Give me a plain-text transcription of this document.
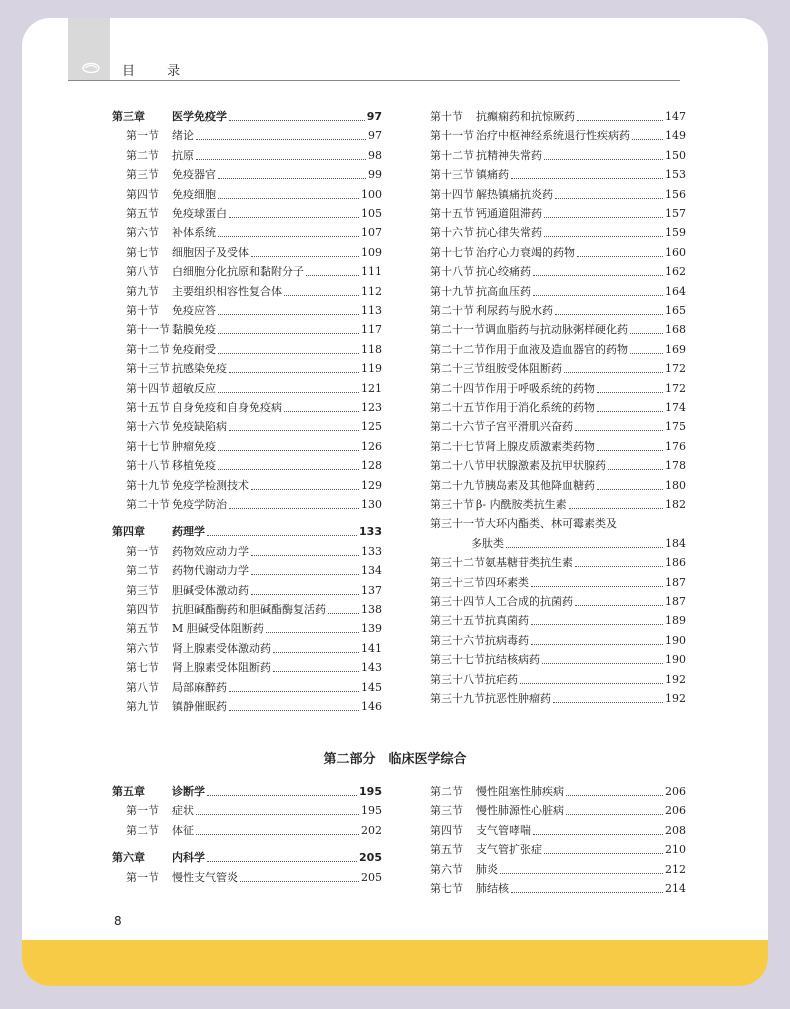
目 录
第三章	医学免疫学	97
第一节	绪论	97
第二节	抗原	98
第三节	免疫器官	99
第四节	免疫细胞	100
第五节	免疫球蛋白	105
第六节	补体系统	107
第七节	细胞因子及受体	109
第八节	白细胞分化抗原和黏附分子	111
第九节	主要组织相容性复合体	112
第十节	免疫应答	113
第十一节 黏膜免疫	117
第十二节 免疫耐受	118
第十三节 抗感染免疫	119
第十四节 超敏反应	121
第十五节 自身免疫和自身免疫病	123
第十六节 免疫缺陷病	125
第十七节 肿瘤免疫	126
第十八节 移植免疫	128
第十九节 免疫学检测技术	129
第二十节 免疫学防治	130
第四章	药理学	133
第一节	药物效应动力学	133
第二节	药物代谢动力学	134
第三节	胆碱受体激动药	137
第四节	抗胆碱酯酶药和胆碱酯酶复活药	138
第五节	M 胆碱受体阻断药	139
第六节	肾上腺素受体激动药	141
第七节	肾上腺素受体阻断药	143
第八节	局部麻醉药	145
第九节	镇静催眠药	146
第十节	抗癫痫药和抗惊厥药	147
第十一节 治疗中枢神经系统退行性疾病药	149
第十二节 抗精神失常药	150
第十三节 镇痛药	153
第十四节 解热镇痛抗炎药	156
第十五节 钙通道阻滞药	157
第十六节 抗心律失常药	159
第十七节 治疗心力衰竭的药物	160
第十八节 抗心绞痛药	162
第十九节 抗高血压药	164
第二十节 利尿药与脱水药	165
第二十一节 调血脂药与抗动脉粥样硬化药	168
第二十二节 作用于血液及造血器官的药物	169
第二十三节 组胺受体阻断药	172
第二十四节 作用于呼吸系统的药物	172
第二十五节 作用于消化系统的药物	174
第二十六节 子宫平滑肌兴奋药	175
第二十七节 肾上腺皮质激素类药物	176
第二十八节 甲状腺激素及抗甲状腺药	178
第二十九节 胰岛素及其他降血糖药	180
第三十节 β- 内酰胺类抗生素	182
第三十一节 大环内酯类、林可霉素类及
多肽类	184
第三十二节 氨基糖苷类抗生素	186
第三十三节 四环素类	187
第三十四节 人工合成的抗菌药	187
第三十五节 抗真菌药	189
第三十六节 抗病毒药	190
第三十七节 抗结核病药	190
第三十八节 抗疟药	192
第三十九节 抗恶性肿瘤药	192
第二部分　临床医学综合
第五章	诊断学	195
第一节	症状	195
第二节	体征	202
第六章	内科学	205
第一节	慢性支气管炎	205
第二节	慢性阻塞性肺疾病	206
第三节	慢性肺源性心脏病	206
第四节	支气管哮喘	208
第五节	支气管扩张症	210
第六节	肺炎	212
第七节	肺结核	214
8
